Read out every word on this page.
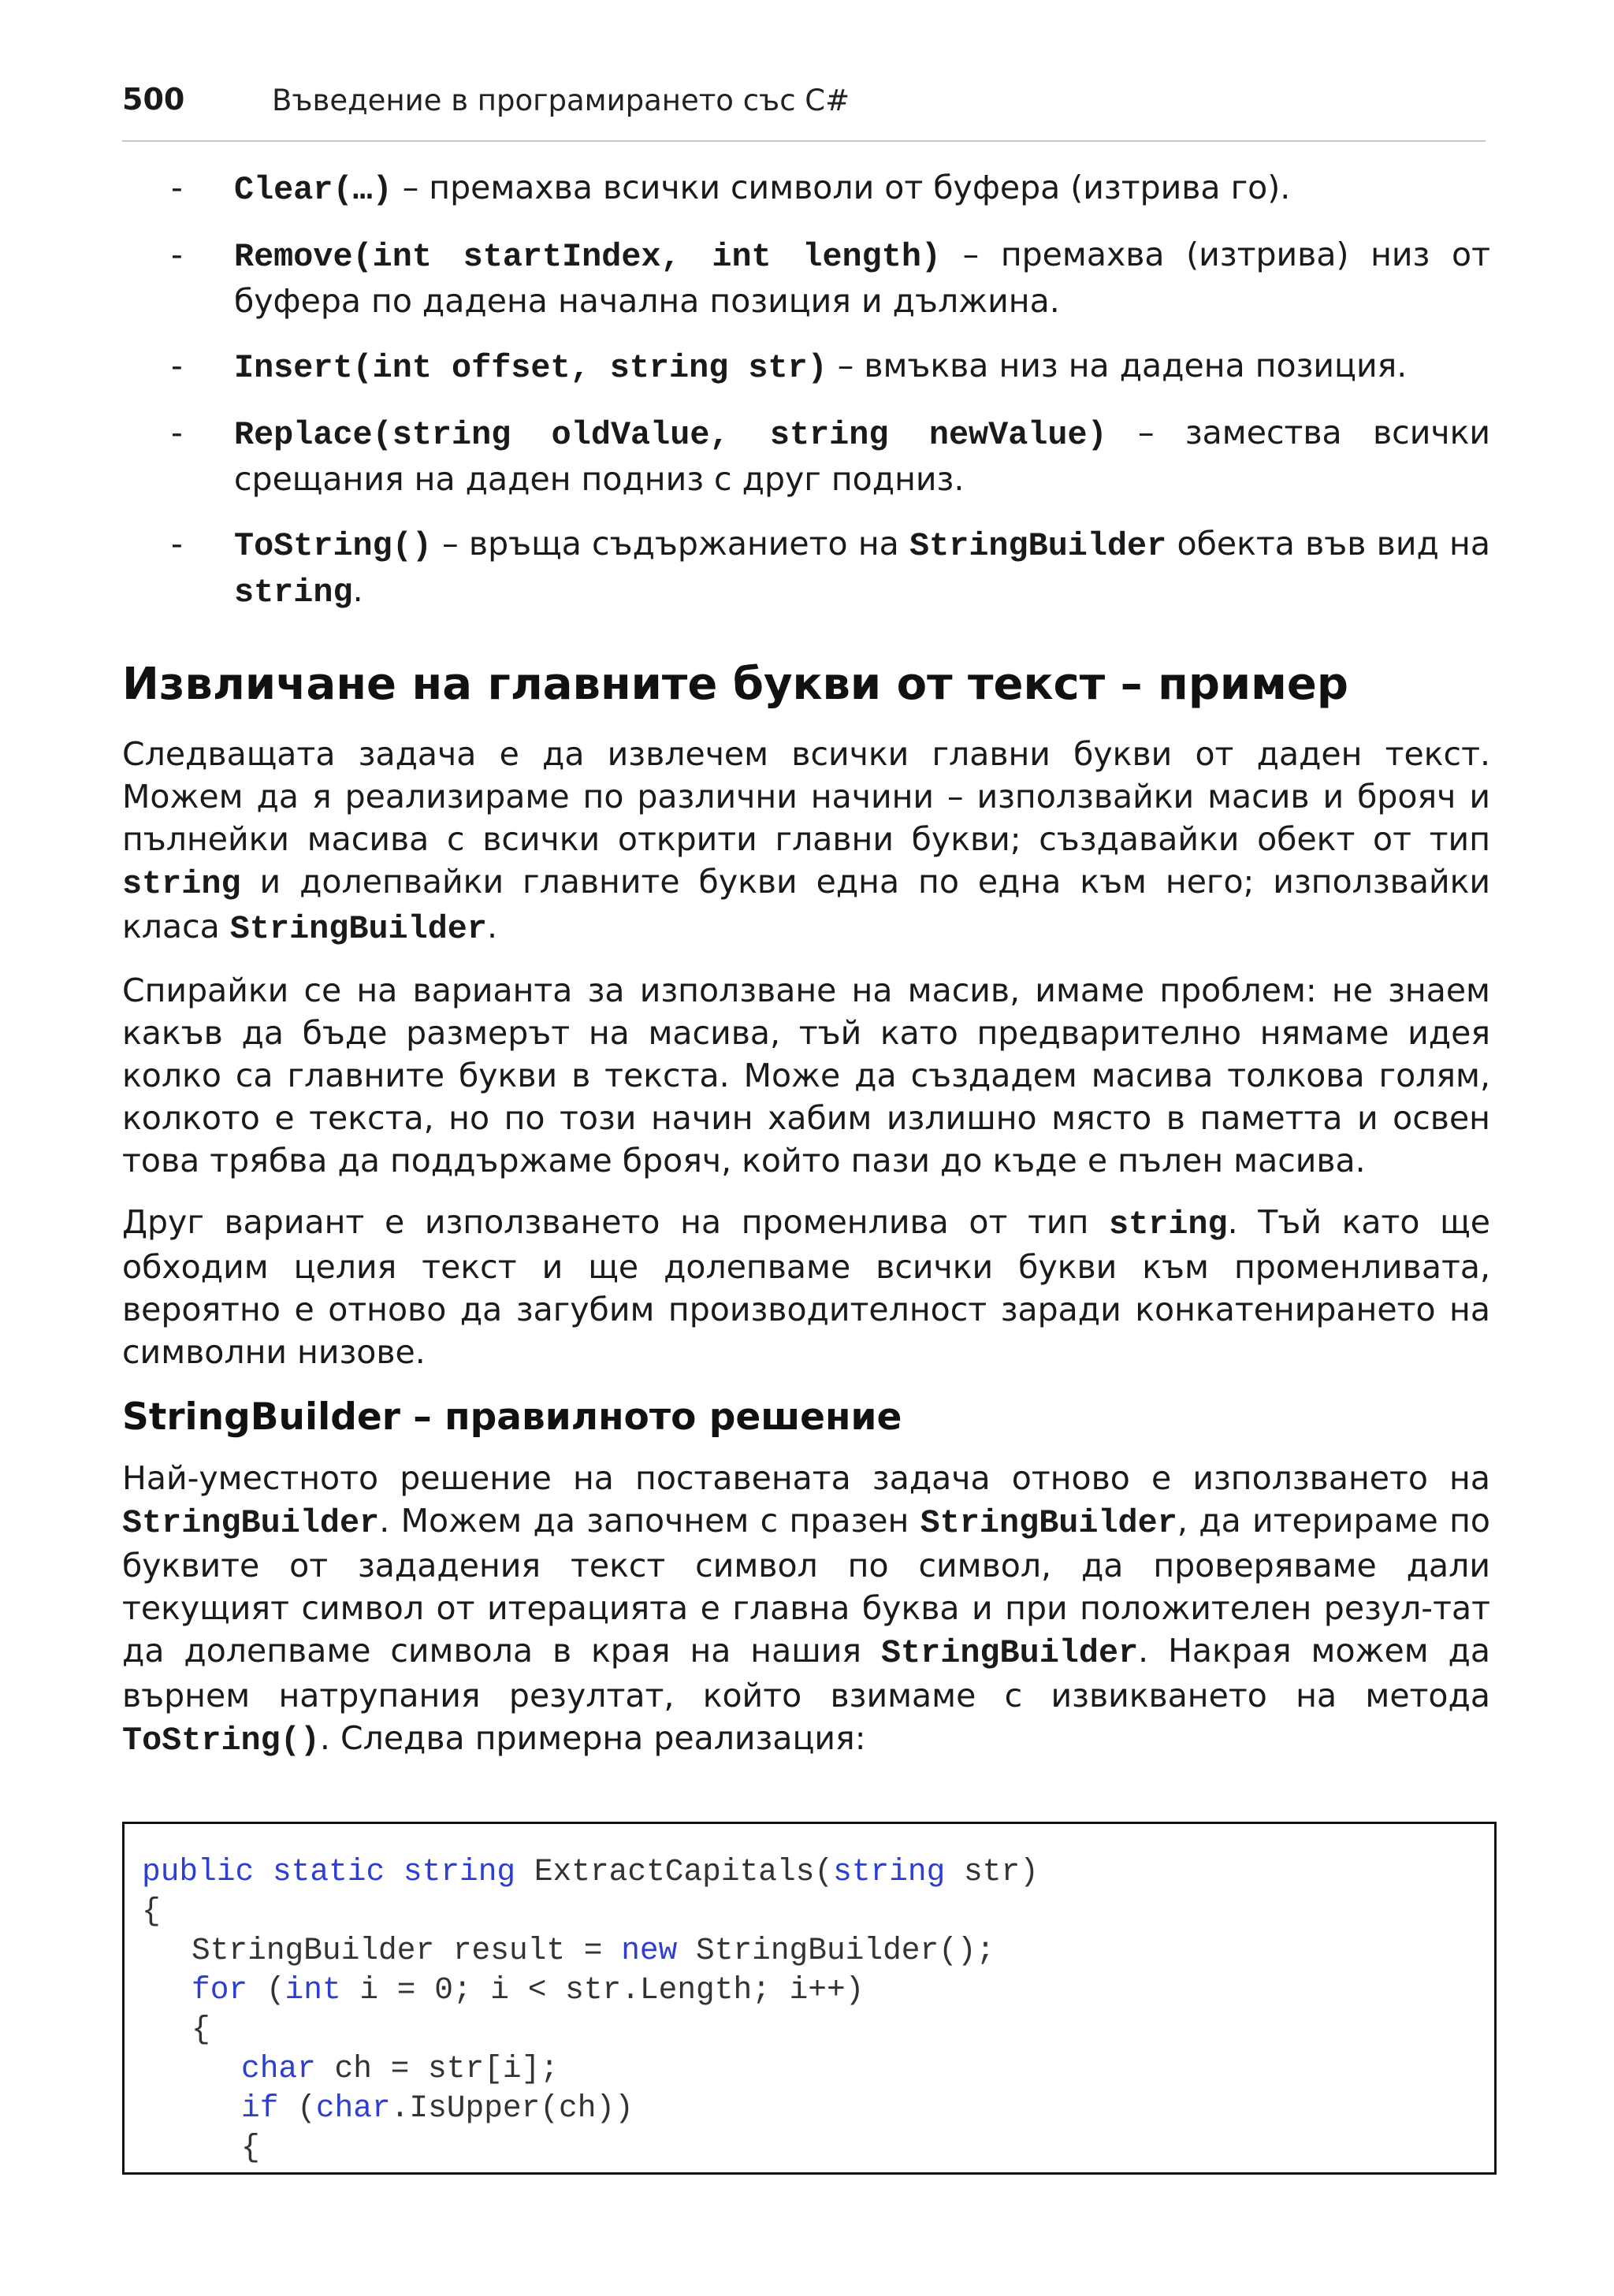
500	Въведение в програмирането със C#
- Clear(…) – премахва всички символи от буфера (изтрива го).
- Remove(int startIndex, int length) – премахва (изтрива) низ от буфера по дадена начална позиция и дължина.
- Insert(int offset, string str) – вмъква низ на дадена позиция.
- Replace(string oldValue, string newValue) – замества всички срещания на даден подниз с друг подниз.
- ToString() – връща съдържанието на StringBuilder обекта във вид на string.
Извличане на главните букви от текст – пример

Следващата задача е да извлечем всички главни букви от даден текст. Можем да я реализираме по различни начини – използвайки масив и брояч и пълнейки масива с всички открити главни букви; създавайки обект от тип string и долепвайки главните букви една по една към него; използвайки класа StringBuilder.

Спирайки се на варианта за използване на масив, имаме проблем: не знаем какъв да бъде размерът на масива, тъй като предварително нямаме идея колко са главните букви в текста. Може да създадем масива толкова голям, колкото е текста, но по този начин хабим излишно място в паметта и освен това трябва да поддържаме брояч, който пази до къде е пълен масива.

Друг вариант е използването на променлива от тип string. Тъй като ще обходим целия текст и ще долепваме всички букви към променливата, вероятно е отново да загубим производителност заради конкатенирането на символни низове.

StringBuilder – правилното решение

Най-уместното решение на поставената задача отново е използването на StringBuilder. Можем да започнем с празен StringBuilder, да итерираме по буквите от зададения текст символ по символ, да проверяваме дали текущият символ от итерацията е главна буква и при положителен резул-тат да долепваме символа в края на нашия StringBuilder. Накрая можем да върнем натрупания резултат, който взимаме с извикването на метода ToString(). Следва примерна реализация:

public static string ExtractCapitals(string str)
{
StringBuilder result = new StringBuilder();
for (int i = 0; i < str.Length; i++)
{
char ch = str[i];
if (char.IsUpper(ch))
{
